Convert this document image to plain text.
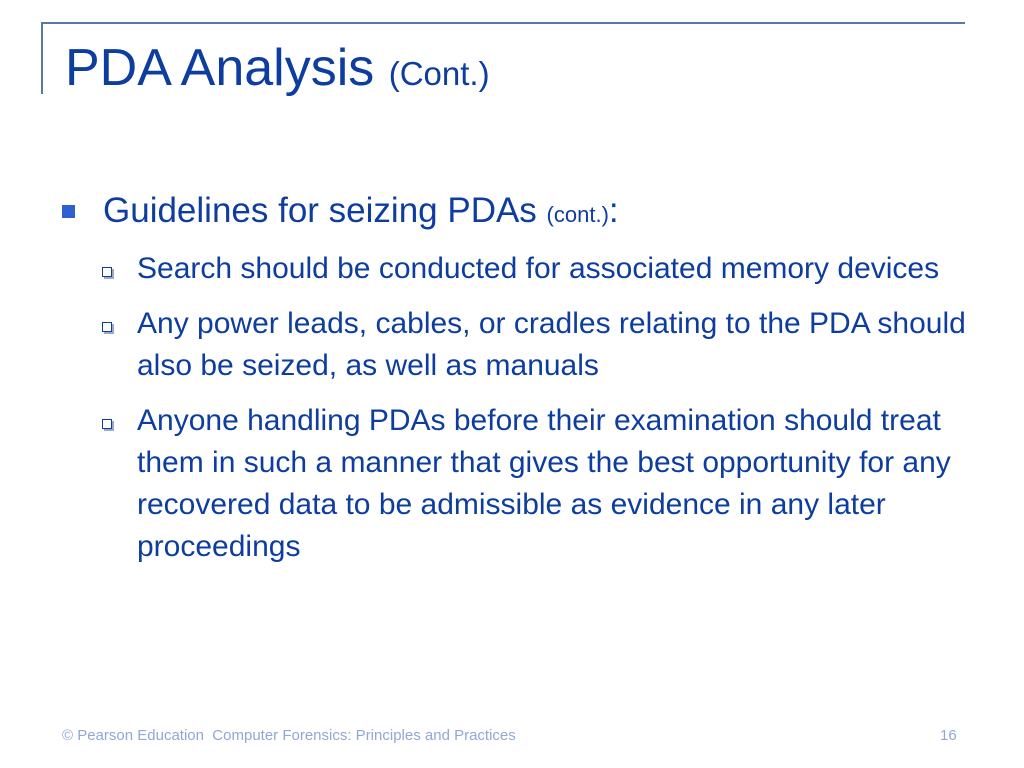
PDA Analysis (Cont.)
Guidelines for seizing PDAs (cont.):
Search should be conducted for associated memory devices
Any power leads, cables, or cradles relating to the PDA should also be seized, as well as manuals
Anyone handling PDAs before their examination should treat them in such a manner that gives the best opportunity for any recovered data to be admissible as evidence in any later proceedings
© Pearson Education  Computer Forensics: Principles and Practices	16
